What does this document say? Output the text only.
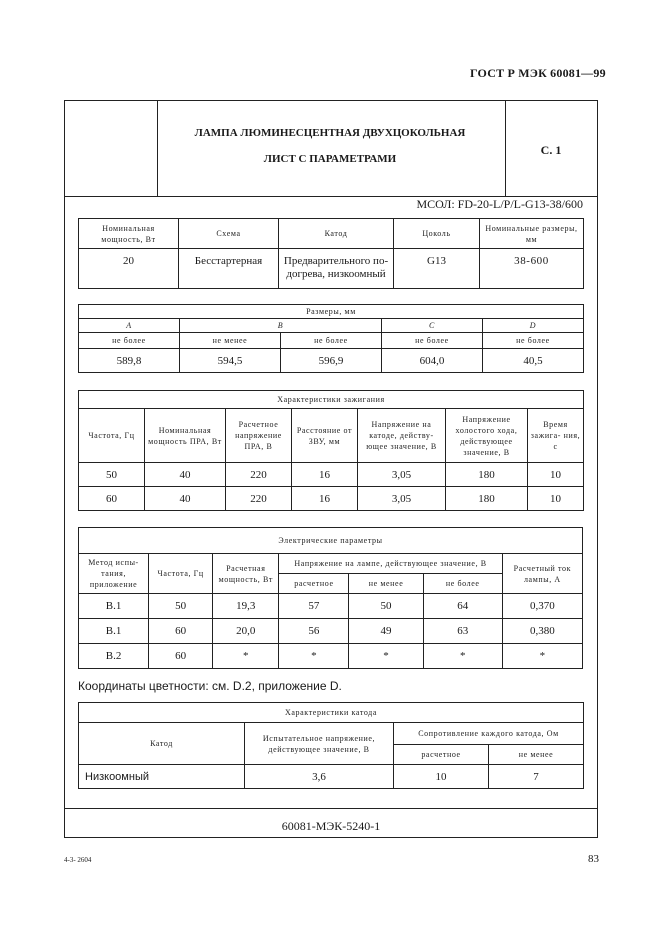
ГОСТ Р МЭК 60081—99
ЛАМПА ЛЮМИНЕСЦЕНТНАЯ ДВУХЦОКОЛЬНАЯ
ЛИСТ С ПАРАМЕТРАМИ
С. 1
МСОЛ: FD-20-L/P/L-G13-38/600
Номинальная мощность, Вт	Схема	Катод	Цоколь	Номинальные размеры, мм
20	Бесстартерная	Предварительного по- догрева, низкоомный	G13	38-600
Размеры, мм				
A	B		C	D
не более	не менее	не более	не более	не более
589,8	594,5	596,9	604,0	40,5
Характеристики зажигания						
Частота, Гц	Номинальная мощность ПРА, Вт	Расчетное напряжение ПРА, В	Расстояние от ЗВУ, мм	Напряжение на катоде, действу- ющее значение, В	Напряжение холостого хода, действующее значение, В	Время зажига- ния, с
50	40	220	16	3,05	180	10
60	40	220	16	3,05	180	10
Электрические параметры						
Метод испы- тания, приложение	Частота, Гц	Расчетная мощность, Вт	Напряжение на лампе, действующее значение, В			Расчетный ток лампы, А
			расчетное	не менее	не более	
В.1	50	19,3	57	50	64	0,370
В.1	60	20,0	56	49	63	0,380
В.2	60	*	*	*	*	*
Координаты цветности: см. D.2, приложение D.
Характеристики катода			
Катод	Испытательное напряжение, действующее значение, В	Сопротивление каждого катода, Ом	
		расчетное	не менее
Низкоомный	3,6	10	7
60081-МЭК-5240-1
4-3- 2604	83
